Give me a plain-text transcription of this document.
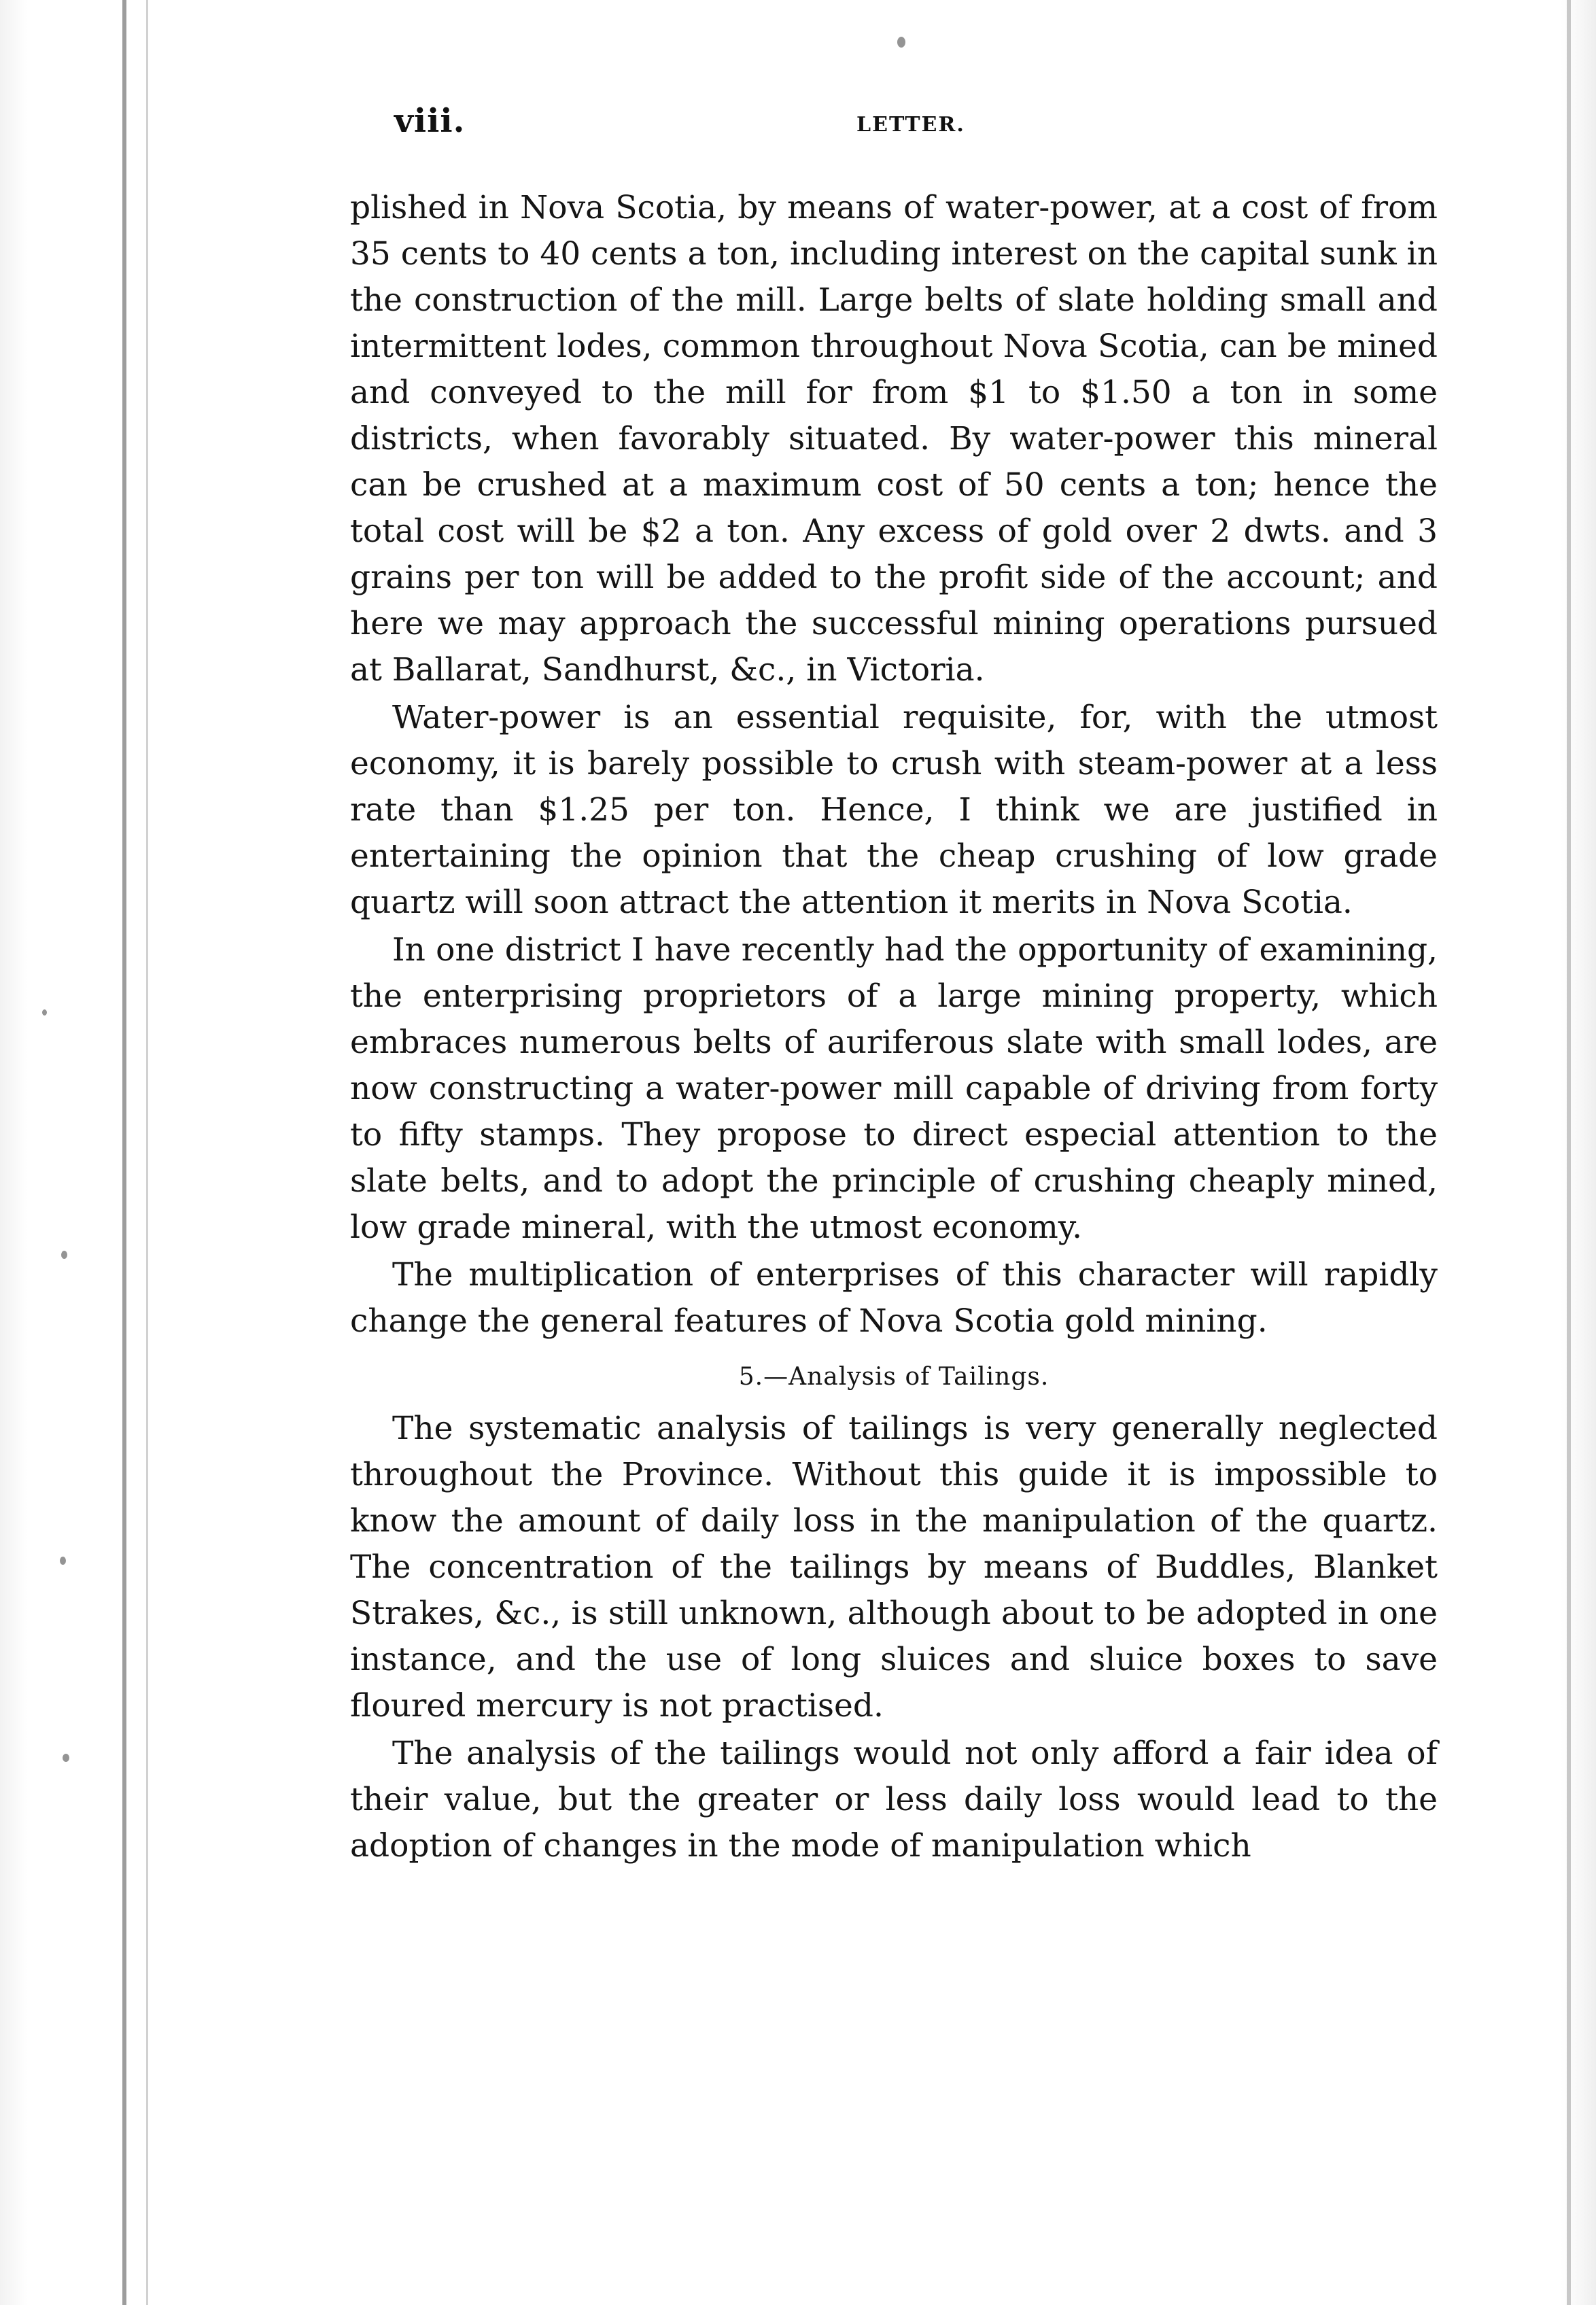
viii.	LETTER.

plished in Nova Scotia, by means of water-power, at a cost of from 35 cents to 40 cents a ton, including interest on the capital sunk in the construction of the mill. Large belts of slate holding small and intermittent lodes, common throughout Nova Scotia, can be mined and conveyed to the mill for from $1 to $1.50 a ton in some districts, when favorably situated. By water-power this mineral can be crushed at a maximum cost of 50 cents a ton; hence the total cost will be $2 a ton. Any excess of gold over 2 dwts. and 3 grains per ton will be added to the profit side of the account; and here we may approach the successful mining operations pursued at Ballarat, Sandhurst, &c., in Victoria.

Water-power is an essential requisite, for, with the utmost economy, it is barely possible to crush with steam-power at a less rate than $1.25 per ton. Hence, I think we are justified in entertaining the opinion that the cheap crushing of low grade quartz will soon attract the attention it merits in Nova Scotia.

In one district I have recently had the opportunity of examining, the enterprising proprietors of a large mining property, which embraces numerous belts of auriferous slate with small lodes, are now constructing a water-power mill capable of driving from forty to fifty stamps. They propose to direct especial attention to the slate belts, and to adopt the principle of crushing cheaply mined, low grade mineral, with the utmost economy.

The multiplication of enterprises of this character will rapidly change the general features of Nova Scotia gold mining.

5.—Analysis of Tailings.

The systematic analysis of tailings is very generally neglected throughout the Province. Without this guide it is impossible to know the amount of daily loss in the manipulation of the quartz. The concentration of the tailings by means of Buddles, Blanket Strakes, &c., is still unknown, although about to be adopted in one instance, and the use of long sluices and sluice boxes to save floured mercury is not practised.

The analysis of the tailings would not only afford a fair idea of their value, but the greater or less daily loss would lead to the adoption of changes in the mode of manipulation which
